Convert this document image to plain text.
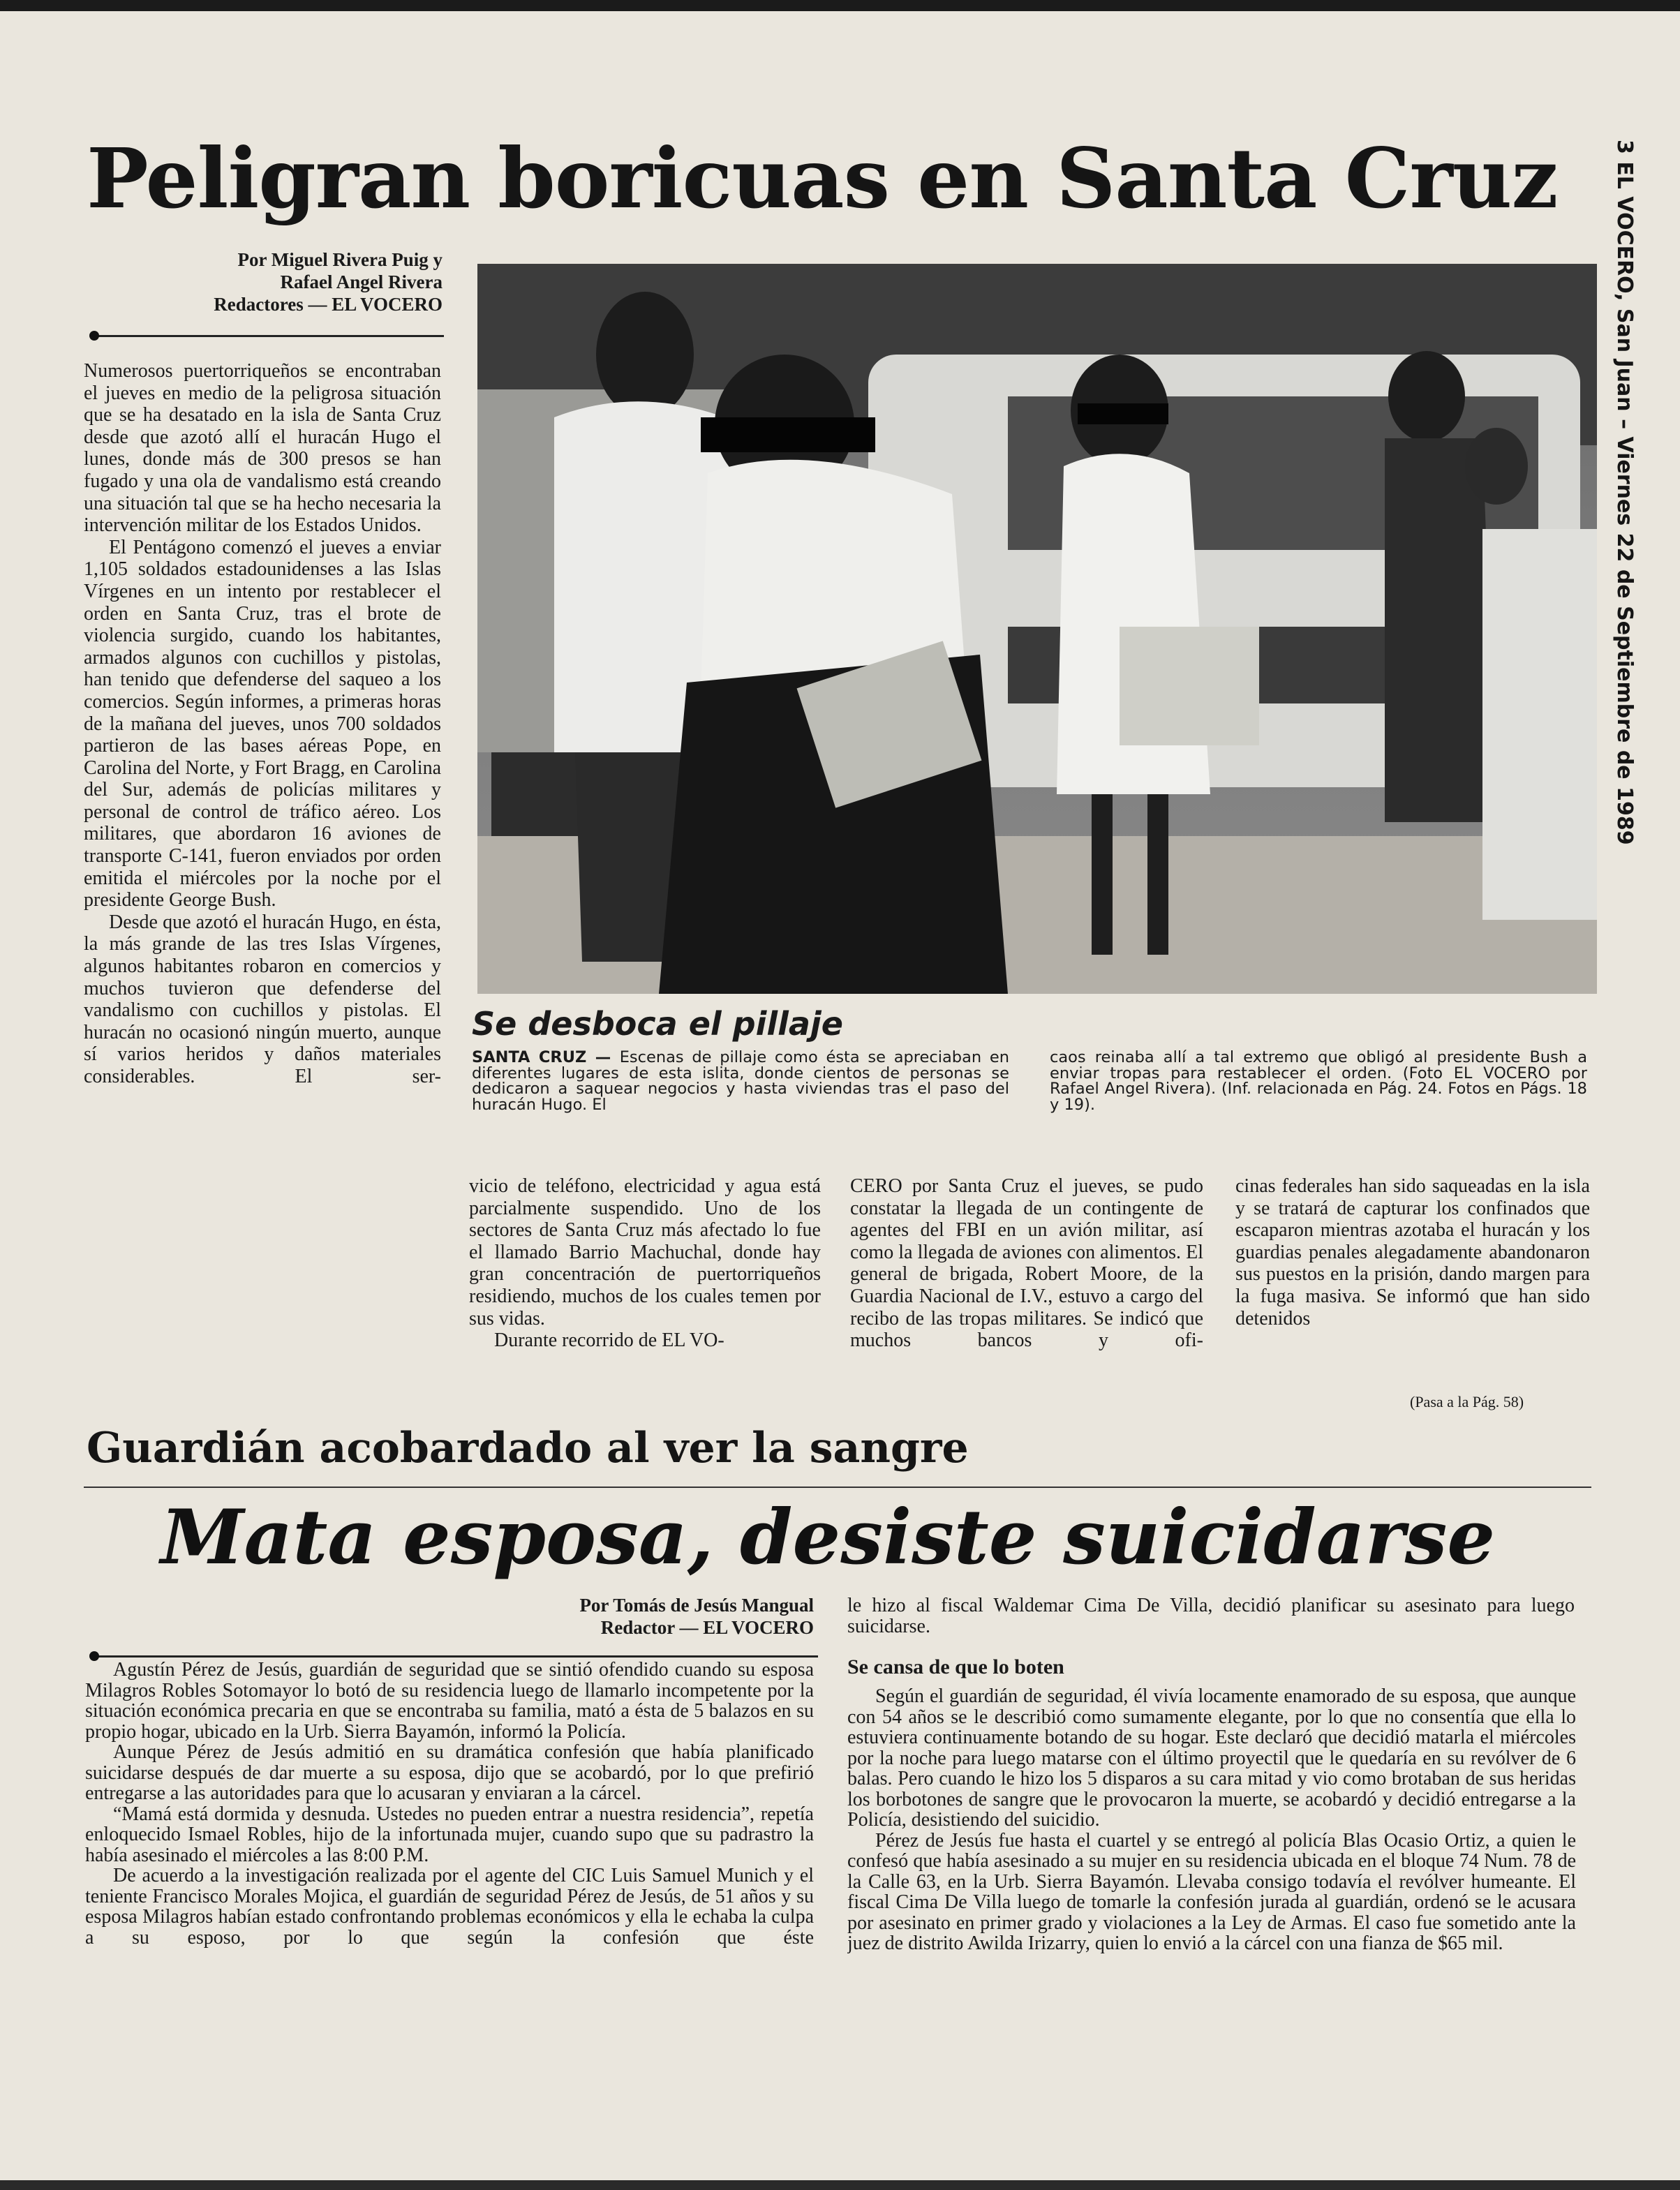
Peligran boricuas en Santa Cruz	3 EL VOCERO, San Juan – Viernes 22 de Septiembre de 1989
Por Miguel Rivera Puig y
Rafael Angel Rivera
Redactores — EL VOCERO

Numerosos puertorriqueños se encontraban el jueves en medio de la peligrosa situación que se ha desatado en la isla de Santa Cruz desde que azotó allí el huracán Hugo el lunes, donde más de 300 presos se han fugado y una ola de vandalismo está creando una situación tal que se ha hecho necesaria la intervención militar de los Estados Unidos.

El Pentágono comenzó el jueves a enviar 1,105 soldados estadounidenses a las Islas Vírgenes en un intento por restablecer el orden en Santa Cruz, tras el brote de violencia surgido, cuando los habitantes, armados algunos con cuchillos y pistolas, han tenido que defenderse del saqueo a los comercios. Según informes, a primeras horas de la mañana del jueves, unos 700 soldados partieron de las bases aéreas Pope, en Carolina del Norte, y Fort Bragg, en Carolina del Sur, además de policías militares y personal de control de tráfico aéreo. Los militares, que abordaron 16 aviones de transporte C-141, fueron enviados por orden emitida el miércoles por la noche por el presidente George Bush.

Desde que azotó el huracán Hugo, en ésta, la más grande de las tres Islas Vírgenes, algunos habitantes robaron en comercios y muchos tuvieron que defenderse del vandalismo con cuchillos y pistolas. El huracán no ocasionó ningún muerto, aunque sí varios heridos y daños materiales considerables. El ser-

Se desboca el pillaje

SANTA CRUZ — Escenas de pillaje como ésta se apreciaban en diferentes lugares de esta islita, donde cientos de personas se dedicaron a saquear negocios y hasta viviendas tras el paso del huracán Hugo. El

caos reinaba allí a tal extremo que obligó al presidente Bush a enviar tropas para restablecer el orden. (Foto EL VOCERO por Rafael Angel Rivera). (Inf. relacionada en Pág. 24. Fotos en Págs. 18 y 19).

vicio de teléfono, electricidad y agua está parcialmente suspendido. Uno de los sectores de Santa Cruz más afectado lo fue el llamado Barrio Machuchal, donde hay gran concentración de puertorriqueños residiendo, muchos de los cuales temen por sus vidas.

Durante recorrido de EL VO-

CERO por Santa Cruz el jueves, se pudo constatar la llegada de un contingente de agentes del FBI en un avión militar, así como la llegada de aviones con alimentos. El general de brigada, Robert Moore, de la Guardia Nacional de I.V., estuvo a cargo del recibo de las tropas militares. Se indicó que muchos bancos y ofi-

cinas federales han sido saqueadas en la isla y se tratará de capturar los confinados que escaparon mientras azotaba el huracán y los guardias penales alegadamente abandonaron sus puestos en la prisión, dando margen para la fuga masiva. Se informó que han sido detenidos

(Pasa a la Pág. 58)
Guardián acobardado al ver la sangre
Mata esposa, desiste suicidarse
Por Tomás de Jesús Mangual
Redactor — EL VOCERO

Agustín Pérez de Jesús, guardián de seguridad que se sintió ofendido cuando su esposa Milagros Robles Sotomayor lo botó de su residencia luego de llamarlo incompetente por la situación económica precaria en que se encontraba su familia, mató a ésta de 5 balazos en su propio hogar, ubicado en la Urb. Sierra Bayamón, informó la Policía.

Aunque Pérez de Jesús admitió en su dramática confesión que había planificado suicidarse después de dar muerte a su esposa, dijo que se acobardó, por lo que prefirió entregarse a las autoridades para que lo acusaran y enviaran a la cárcel.

“Mamá está dormida y desnuda. Ustedes no pueden entrar a nuestra residencia”, repetía enloquecido Ismael Robles, hijo de la infortunada mujer, cuando supo que su padrastro la había asesinado el miércoles a las 8:00 P.M.

De acuerdo a la investigación realizada por el agente del CIC Luis Samuel Munich y el teniente Francisco Morales Mojica, el guardián de seguridad Pérez de Jesús, de 51 años y su esposa Milagros habían estado confrontando problemas económicos y ella le echaba la culpa a su esposo, por lo que según la confesión que éste

le hizo al fiscal Waldemar Cima De Villa, decidió planificar su asesinato para luego suicidarse.

Se cansa de que lo boten

Según el guardián de seguridad, él vivía locamente enamorado de su esposa, que aunque con 54 años se le describió como sumamente elegante, por lo que no consentía que ella lo estuviera continuamente botando de su hogar. Este declaró que decidió matarla el miércoles por la noche para luego matarse con el último proyectil que le quedaría en su revólver de 6 balas. Pero cuando le hizo los 5 disparos a su cara mitad y vio como brotaban de sus heridas los borbotones de sangre que le provocaron la muerte, se acobardó y decidió entregarse a la Policía, desistiendo del suicidio.

Pérez de Jesús fue hasta el cuartel y se entregó al policía Blas Ocasio Ortiz, a quien le confesó que había asesinado a su mujer en su residencia ubicada en el bloque 74 Num. 78 de la Calle 63, en la Urb. Sierra Bayamón. Llevaba consigo todavía el revólver humeante. El fiscal Cima De Villa luego de tomarle la confesión jurada al guardián, ordenó se le acusara por asesinato en primer grado y violaciones a la Ley de Armas. El caso fue sometido ante la juez de distrito Awilda Irizarry, quien lo envió a la cárcel con una fianza de $65 mil.
